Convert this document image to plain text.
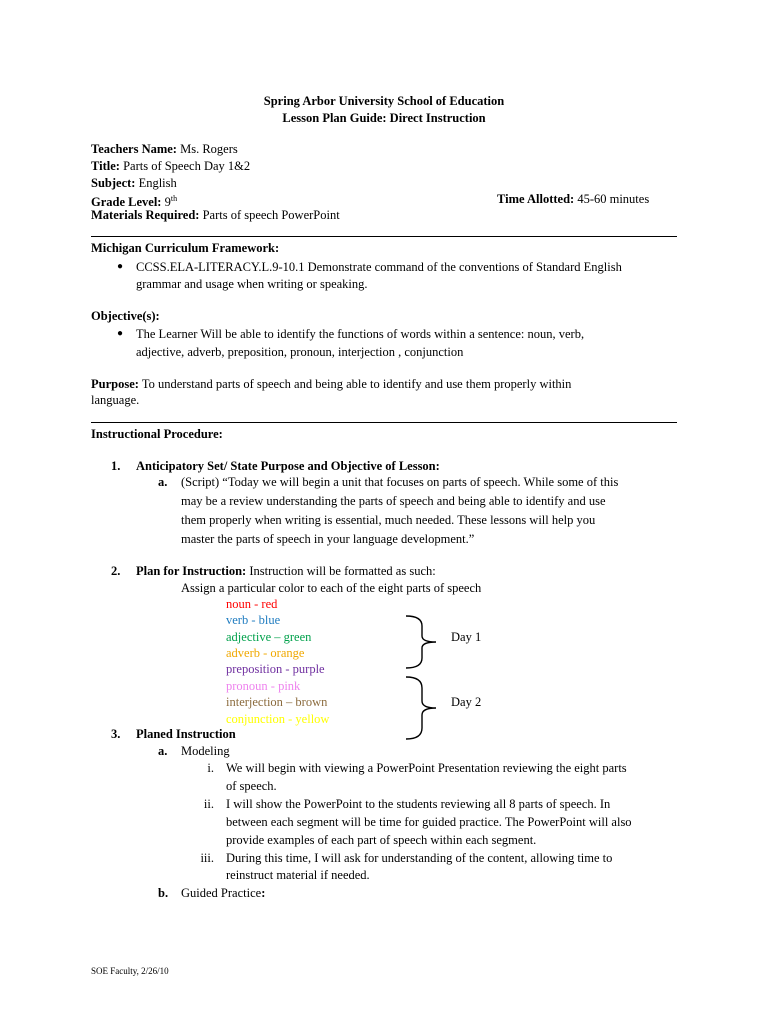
Spring Arbor University School of Education
Lesson Plan Guide: Direct Instruction
Teachers Name: Ms. Rogers
Title: Parts of Speech Day 1&2
Subject: English
Grade Level: 9th	Time Allotted: 45-60 minutes
Materials Required: Parts of speech PowerPoint
Michigan Curriculum Framework:
● CCSS.ELA-LITERACY.L.9-10.1 Demonstrate command of the conventions of Standard English
grammar and usage when writing or speaking.
Objective(s):
● The Learner Will be able to identify the functions of words within a sentence: noun, verb,
adjective, adverb, preposition, pronoun, interjection , conjunction
Purpose: To understand parts of speech and being able to identify and use them properly within
language.
Instructional Procedure:
1. Anticipatory Set/ State Purpose and Objective of Lesson:
a. (Script) “Today we will begin a unit that focuses on parts of speech. While some of this
may be a review understanding the parts of speech and being able to identify and use
them properly when writing is essential, much needed. These lessons will help you
master the parts of speech in your language development.”
2. Plan for Instruction: Instruction will be formatted as such:
Assign a particular color to each of the eight parts of speech
noun - red
verb - blue
adjective – green
adverb - orange
preposition - purple
pronoun - pink
interjection – brown
conjunction - yellow
Day 1
Day 2
3. Planed Instruction
a. Modeling
i. We will begin with viewing a PowerPoint Presentation reviewing the eight parts
of speech.
ii. I will show the PowerPoint to the students reviewing all 8 parts of speech. In
between each segment will be time for guided practice. The PowerPoint will also
provide examples of each part of speech within each segment.
iii. During this time, I will ask for understanding of the content, allowing time to
reinstruct material if needed.
b. Guided Practice:
SOE Faculty, 2/26/10
